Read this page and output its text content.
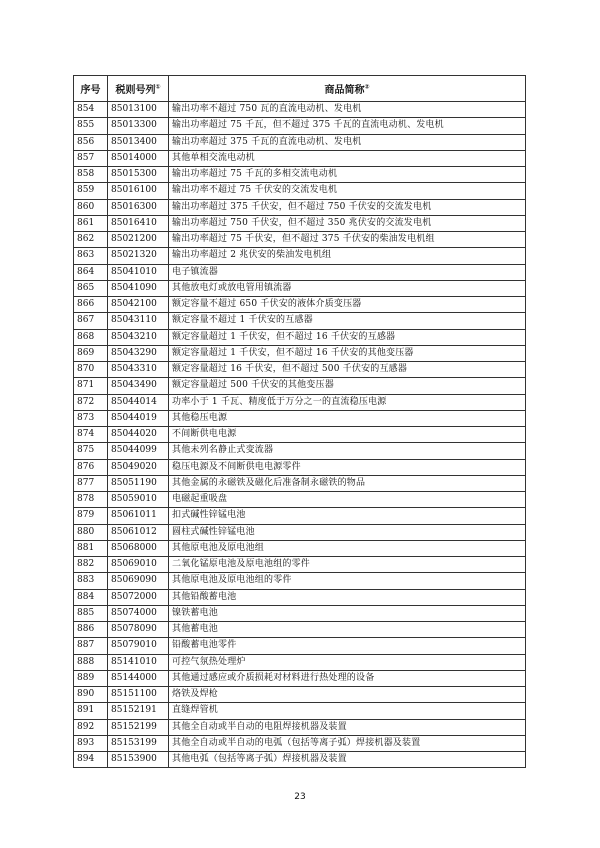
序号	税则号列①	商品简称②
854	85013100	输出功率不超过 750 瓦的直流电动机、发电机
855	85013300	输出功率超过 75 千瓦，但不超过 375 千瓦的直流电动机、发电机
856	85013400	输出功率超过 375 千瓦的直流电动机、发电机
857	85014000	其他单相交流电动机
858	85015300	输出功率超过 75 千瓦的多相交流电动机
859	85016100	输出功率不超过 75 千伏安的交流发电机
860	85016300	输出功率超过 375 千伏安，但不超过 750 千伏安的交流发电机
861	85016410	输出功率超过 750 千伏安，但不超过 350 兆伏安的交流发电机
862	85021200	输出功率超过 75 千伏安，但不超过 375 千伏安的柴油发电机组
863	85021320	输出功率超过 2 兆伏安的柴油发电机组
864	85041010	电子镇流器
865	85041090	其他放电灯或放电管用镇流器
866	85042100	额定容量不超过 650 千伏安的液体介质变压器
867	85043110	额定容量不超过 1 千伏安的互感器
868	85043210	额定容量超过 1 千伏安，但不超过 16 千伏安的互感器
869	85043290	额定容量超过 1 千伏安，但不超过 16 千伏安的其他变压器
870	85043310	额定容量超过 16 千伏安，但不超过 500 千伏安的互感器
871	85043490	额定容量超过 500 千伏安的其他变压器
872	85044014	功率小于 1 千瓦、精度低于万分之一的直流稳压电源
873	85044019	其他稳压电源
874	85044020	不间断供电电源
875	85044099	其他未列名静止式变流器
876	85049020	稳压电源及不间断供电电源零件
877	85051190	其他金属的永磁铁及磁化后准备制永磁铁的物品
878	85059010	电磁起重吸盘
879	85061011	扣式碱性锌锰电池
880	85061012	圆柱式碱性锌锰电池
881	85068000	其他原电池及原电池组
882	85069010	二氧化锰原电池及原电池组的零件
883	85069090	其他原电池及原电池组的零件
884	85072000	其他铅酸蓄电池
885	85074000	镍铁蓄电池
886	85078090	其他蓄电池
887	85079010	铅酸蓄电池零件
888	85141010	可控气氛热处理炉
889	85144000	其他通过感应或介质损耗对材料进行热处理的设备
890	85151100	烙铁及焊枪
891	85152191	直缝焊管机
892	85152199	其他全自动或半自动的电阻焊接机器及装置
893	85153199	其他全自动或半自动的电弧（包括等离子弧）焊接机器及装置
894	85153900	其他电弧（包括等离子弧）焊接机器及装置
23
